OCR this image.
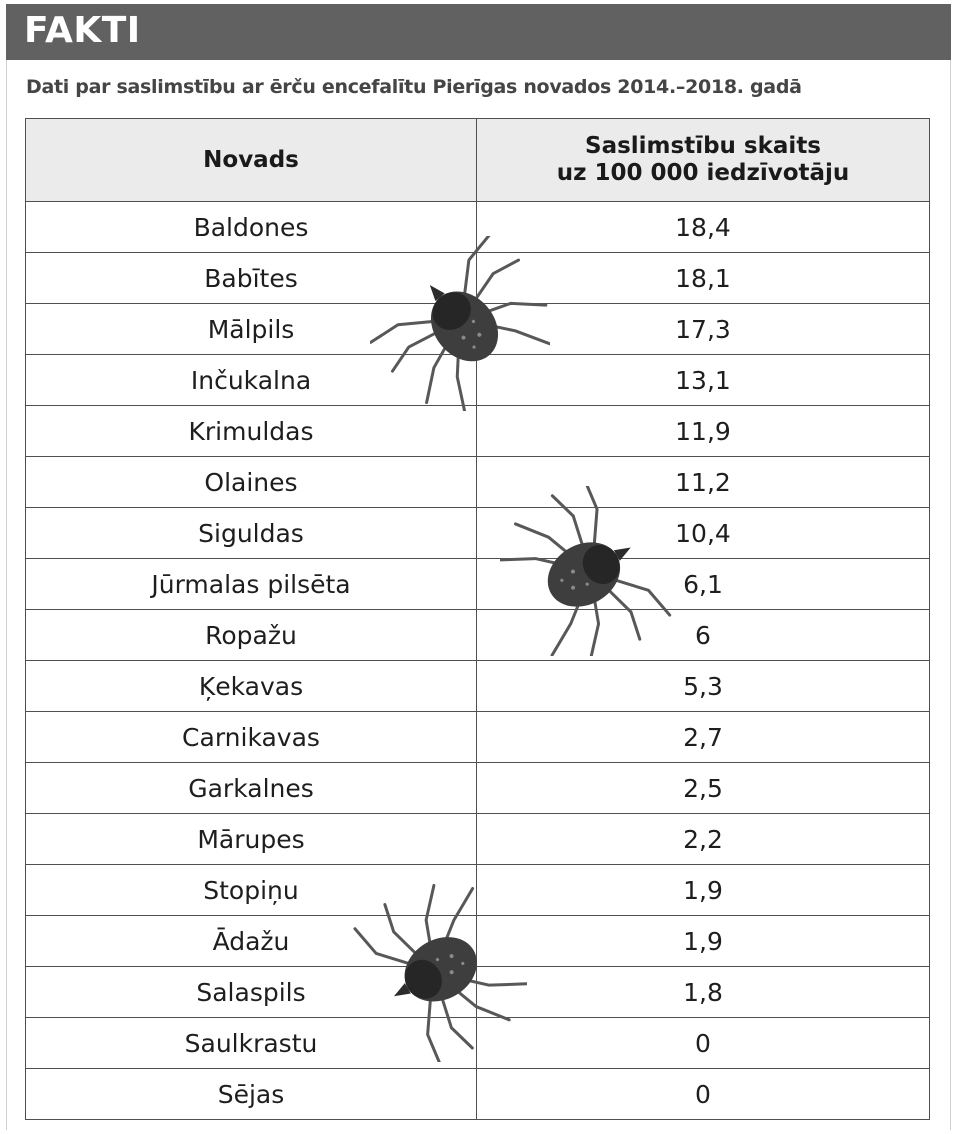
FAKTI

Dati par saslimstību ar ērču encefalītu Pierīgas novados 2014.–2018. gadā

Novads	Saslimstību skaits
uz 100 000 iedzīvotāju

Baldones	18,4
Babītes	18,1
Mālpils	17,3
Inčukalna	13,1
Krimuldas	11,9
Olaines	11,2
Siguldas	10,4
Jūrmalas pilsēta	6,1
Ropažu	6
Ķekavas	5,3
Carnikavas	2,7
Garkalnes	2,5
Mārupes	2,2
Stopiņu	1,9
Ādažu	1,9
Salaspils	1,8
Saulkrastu	0
Sējas	0
